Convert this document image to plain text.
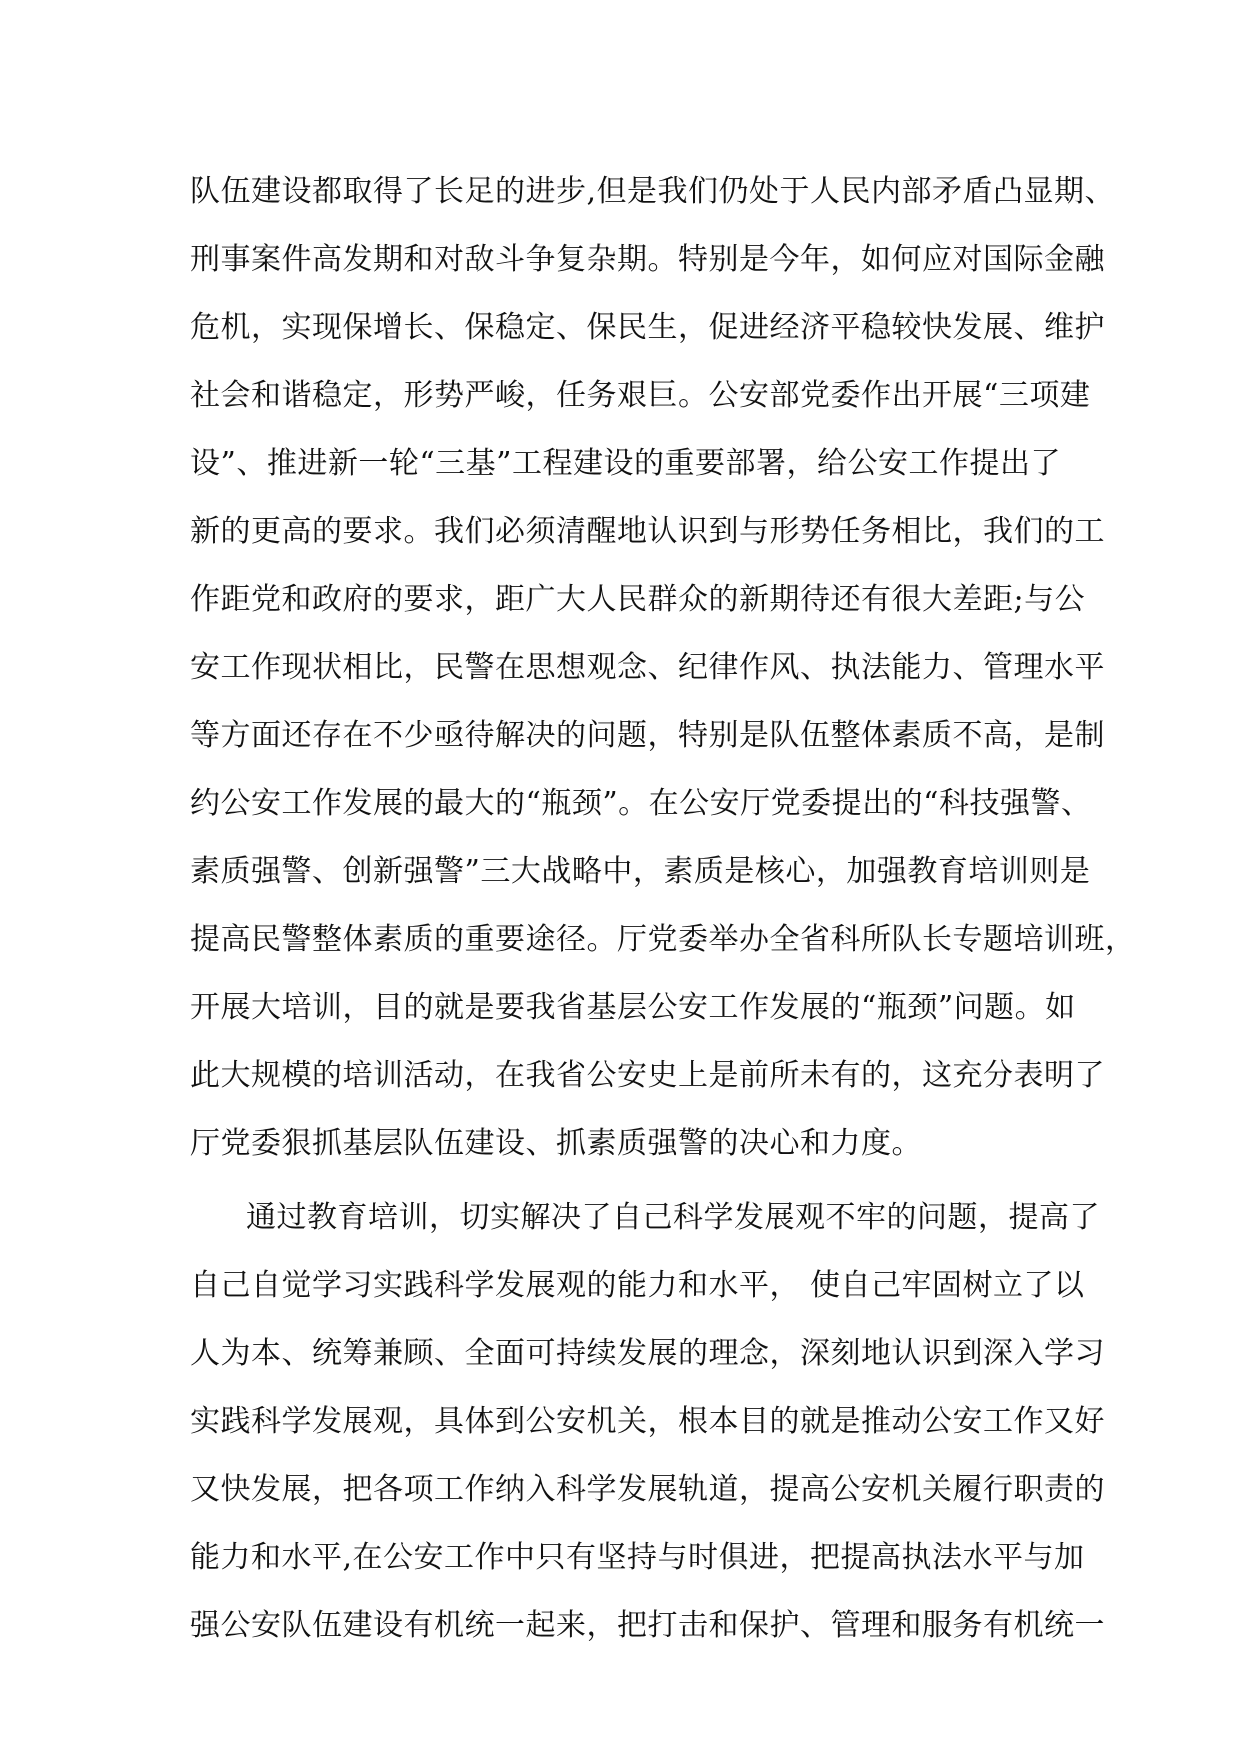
队伍建设都取得了长足的进步,但是我们仍处于人民内部矛盾凸显期、
刑事案件高发期和对敌斗争复杂期。特别是今年，如何应对国际金融
危机，实现保增长、保稳定、保民生，促进经济平稳较快发展、维护
社会和谐稳定，形势严峻，任务艰巨。公安部党委作出开展“三项建
设”、推进新一轮“三基”工程建设的重要部署，给公安工作提出了
新的更高的要求。我们必须清醒地认识到与形势任务相比，我们的工
作距党和政府的要求，距广大人民群众的新期待还有很大差距;与公
安工作现状相比，民警在思想观念、纪律作风、执法能力、管理水平
等方面还存在不少亟待解决的问题，特别是队伍整体素质不高，是制
约公安工作发展的最大的“瓶颈”。在公安厅党委提出的“科技强警、
素质强警、创新强警”三大战略中，素质是核心，加强教育培训则是
提高民警整体素质的重要途径。厅党委举办全省科所队长专题培训班，
开展大培训，目的就是要我省基层公安工作发展的“瓶颈”问题。如
此大规模的培训活动，在我省公安史上是前所未有的，这充分表明了
厅党委狠抓基层队伍建设、抓素质强警的决心和力度。
通过教育培训，切实解决了自己科学发展观不牢的问题，提高了
自己自觉学习实践科学发展观的能力和水平， 使自己牢固树立了以
人为本、统筹兼顾、全面可持续发展的理念，深刻地认识到深入学习
实践科学发展观，具体到公安机关，根本目的就是推动公安工作又好
又快发展，把各项工作纳入科学发展轨道，提高公安机关履行职责的
能力和水平,在公安工作中只有坚持与时俱进，把提高执法水平与加
强公安队伍建设有机统一起来，把打击和保护、管理和服务有机统一
